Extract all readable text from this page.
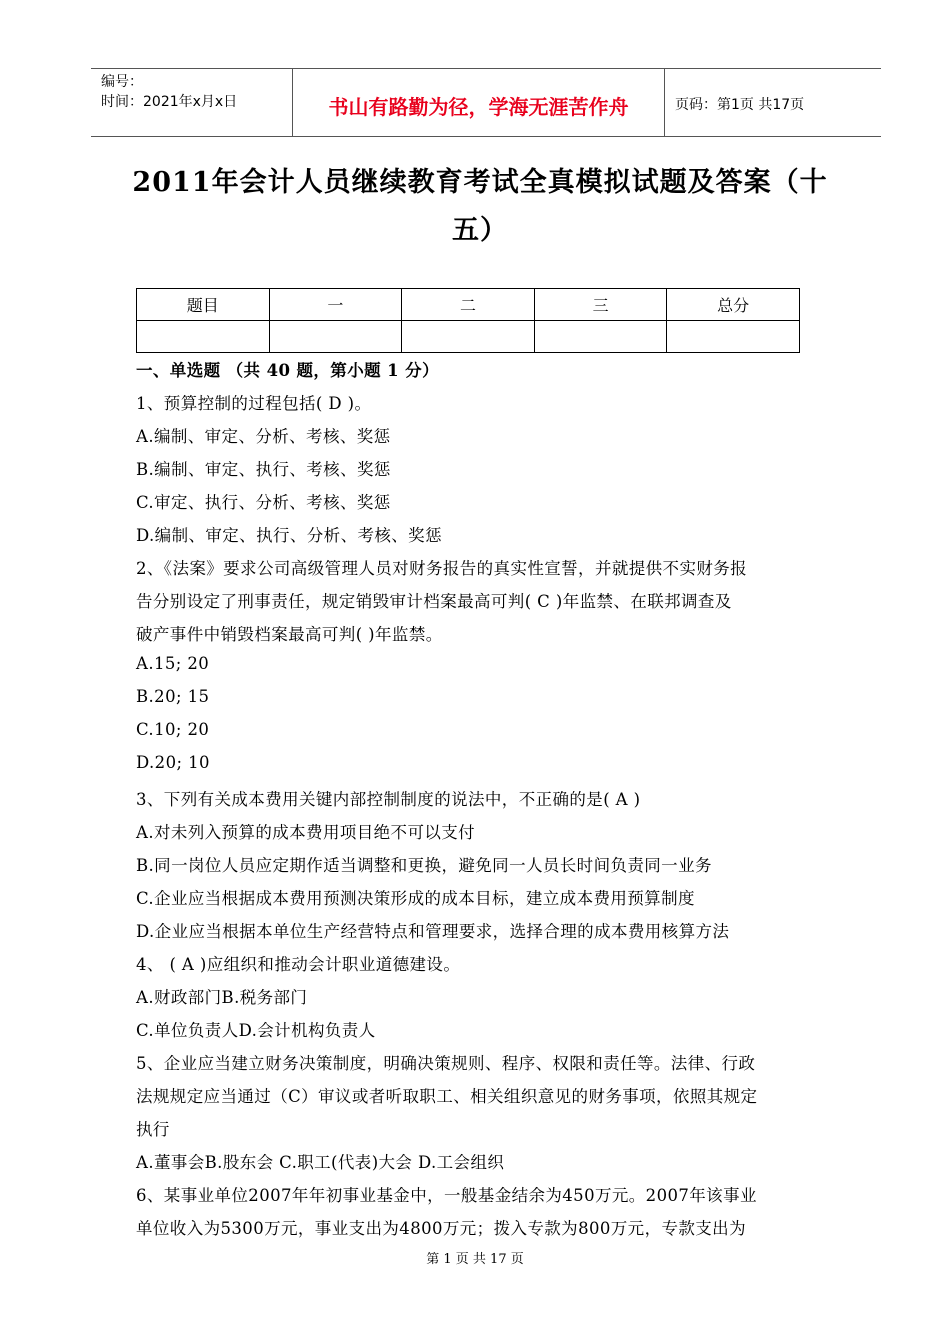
编号：
时间：2021年x月x日	书山有路勤为径，学海无涯苦作舟	页码：第1页 共17页
2011年会计人员继续教育考试全真模拟试题及答案（十
五）
题目	一	二	三	总分

一、单选题 （共 40 题，第小题 1 分）
1、预算控制的过程包括( D )。
A.编制、审定、分析、考核、奖惩
B.编制、审定、执行、考核、奖惩
C.审定、执行、分析、考核、奖惩
D.编制、审定、执行、分析、考核、奖惩
2、《法案》要求公司高级管理人员对财务报告的真实性宣誓，并就提供不实财务报
告分别设定了刑事责任，规定销毁审计档案最高可判( C )年监禁、在联邦调查及
破产事件中销毁档案最高可判( )年监禁。
A.15; 20
B.20; 15
C.10; 20
D.20; 10
3、下列有关成本费用关键内部控制制度的说法中，不正确的是( A )
A.对未列入预算的成本费用项目绝不可以支付
B.同一岗位人员应定期作适当调整和更换，避免同一人员长时间负责同一业务
C.企业应当根据成本费用预测决策形成的成本目标，建立成本费用预算制度
D.企业应当根据本单位生产经营特点和管理要求，选择合理的成本费用核算方法
4、 ( A )应组织和推动会计职业道德建设。
A.财政部门B.税务部门
C.单位负责人D.会计机构负责人
5、企业应当建立财务决策制度，明确决策规则、程序、权限和责任等。法律、行政
法规规定应当通过（C）审议或者听取职工、相关组织意见的财务事项，依照其规定
执行
A.董事会B.股东会 C.职工(代表)大会 D.工会组织
6、某事业单位2007年年初事业基金中，一般基金结余为450万元。2007年该事业
单位收入为5300万元，事业支出为4800万元；拨入专款为800万元，专款支出为
第 1 页 共 17 页
